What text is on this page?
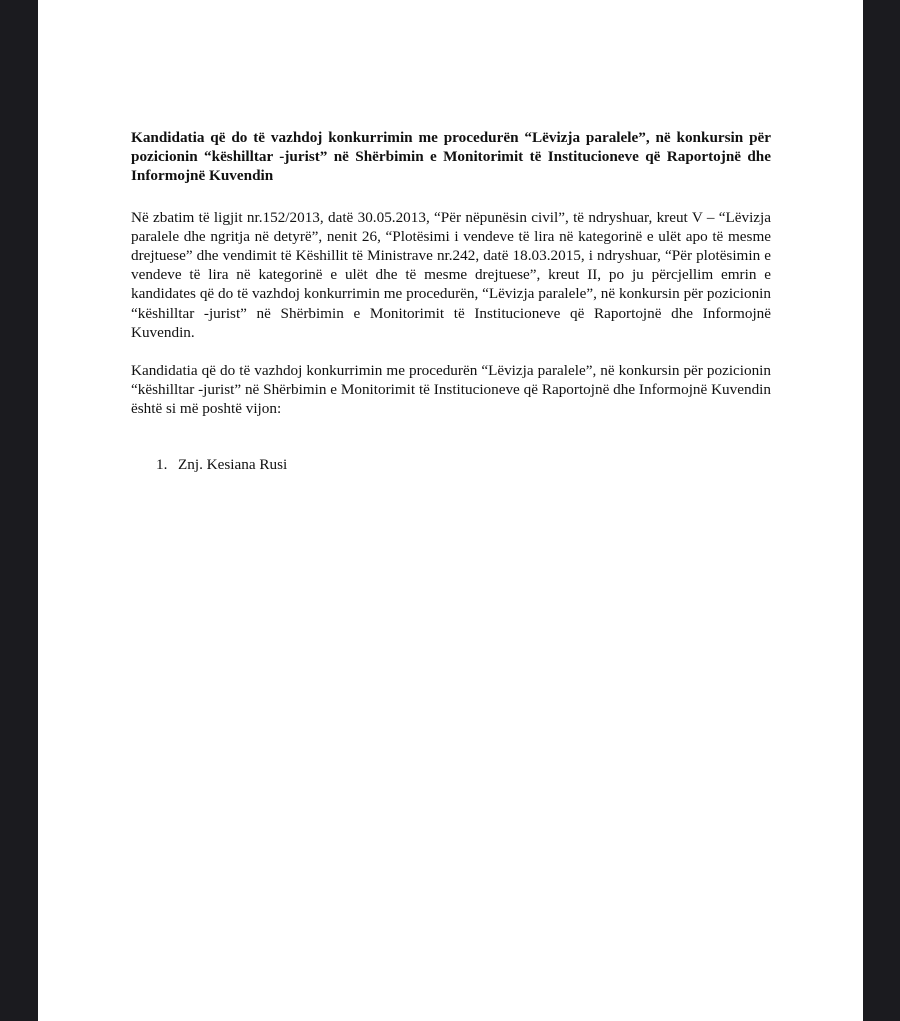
Kandidatia që do të vazhdoj konkurrimin me procedurën “Lëvizja paralele”, në konkursin për pozicionin “këshilltar -jurist” në Shërbimin e Monitorimit të Institucioneve që Raportojnë dhe Informojnë Kuvendin

Në zbatim të ligjit nr.152/2013, datë 30.05.2013, “Për nëpunësin civil”, të ndryshuar, kreut V – “Lëvizja paralele dhe ngritja në detyrë”, nenit 26, “Plotësimi i vendeve të lira në kategorinë e ulët apo të mesme drejtuese” dhe vendimit të Këshillit të Ministrave nr.242, datë 18.03.2015, i ndryshuar, “Për plotësimin e vendeve të lira në kategorinë e ulët dhe të mesme drejtuese”, kreut II, po ju përcjellim emrin e kandidates që do të vazhdoj konkurrimin me procedurën, “Lëvizja paralele”, në konkursin për pozicionin “këshilltar -jurist” në Shërbimin e Monitorimit të Institucioneve që Raportojnë dhe Informojnë Kuvendin.

Kandidatia që do të vazhdoj konkurrimin me procedurën “Lëvizja paralele”, në konkursin për pozicionin “këshilltar -jurist” në Shërbimin e Monitorimit të Institucioneve që Raportojnë dhe Informojnë Kuvendin është si më poshtë vijon:

1. Znj. Kesiana Rusi
